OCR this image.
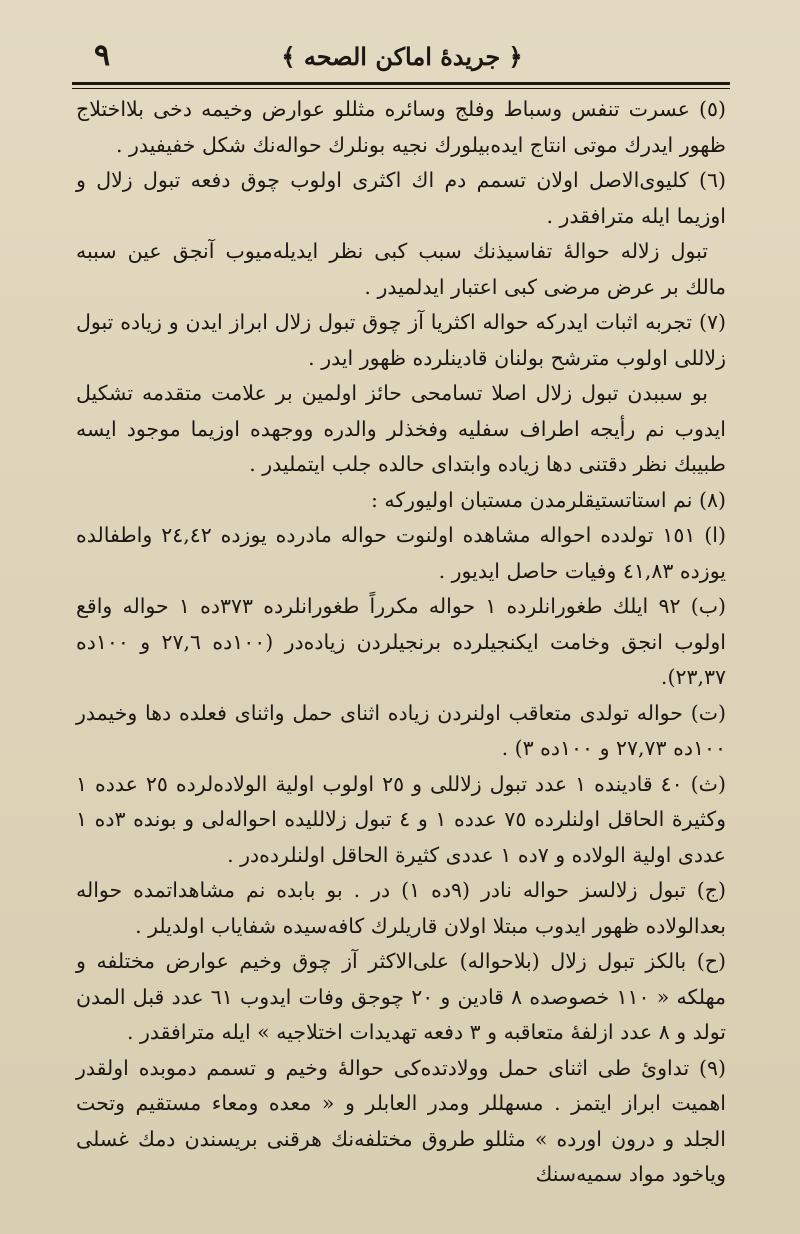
٩	﴿ جريدهٔ اماكن الصحه ﴾

(٥) عسرت تنفس وسباط وفلج وسائره مثللو عوارض وخيمه دخى بلااختلاج ظهور ايدرك موتى انتاج ايده‌بيلورك نجيه بونلرك حواله‌نك شكل خفيفيدر .

(٦) كليوى‌الاصل اولان تسمم دم اك اكثرى اولوب چوق دفعه تبول زلال و اوزيما ايله مترافقدر .

تبول زلاله حوالهٔ تفاسيذنك سبب كبى نظر ايديله‌ميوب آنجق عين سببه مالك بر عرض مرضى كبى اعتبار ايدلميدر .

(٧) تجربه اثبات ايدركه حواله اكثريا آز چوق تبول زلال ابراز ايدن و زياده تبول زلاللى اولوب مترشح بولنان قادينلرده ظهور ايدر .

بو سببدن تبول زلال اصلا تسامحى حائز اولمين بر علامت متقدمه تشكيل ايدوب نم رأيجه اطراف سفليه وفخذلر والدره ووجهده اوزيما موجود ايسه طبيبك نظر دقتنى دها زياده وابتداى حالده جلب ايتمليدر .

(٨) نم استاتستيقلرمدن مستبان اوليوركه :

(ا) ١٥١ تولدده احواله مشاهده اولنوت حواله مادرده يوزده ٢٤,٤٢ واطفالده يوزده ٤١,٨٣ وفيات حاصل ايديور .

(ب) ٩٢ ايلك طغورانلرده ١ حواله مكرراً طغورانلرده ٣٧٣‌ده ١ حواله واقع اولوب انجق وخامت ايكنجيلرده برنجيلردن زياده‌در (١٠٠‌ده ٢٧,٦ و ١٠٠‌ده ٢٣,٣٧).

(ت) حواله تولدى متعاقب اولنردن زياده اثناى حمل واثناى فعلده دها وخيمدر ١٠٠‌ده ٢٧,٧٣ و ١٠٠‌ده ٣) .

(ث) ٤٠ قادينده ١ عدد تبول زلاللى و ٢٥ اولوب اولية الولاده‌لرده ٢٥ عدده ١ وكثيرة الحاقل اولنلرده ٧٥ عدده ١ و ٤ تبول زلالليده احواله‌لى و بونده ٣‌ده ١ عددى اولية الولاده و ٧‌ده ١ عددى كثيرة الحاقل اولنلرده‌در .

(ج) تبول زلالسز حواله نادر (٩‌ده ١) در . بو بابده نم مشاهداتمده حواله بعدالولاده ظهور ايدوب مبتلا اولان قاريلرك كافه‌سيده شفاياب اولديلر .

(ح) بالكز تبول زلال (بلاحواله) على‌الاكثر آز چوق وخيم عوارض مختلفه و مهلكه « ١١٠ خصوصده ٨ قادين و ٢٠ چوجق وفات ايدوب ٦١ عدد قبل المدن تولد و ٨ عدد ازلفهٔ متعاقبه و ٣ دفعه تهديدات اختلاجيه » ايله مترافقدر .

(٩) تداوئ طى اثناى حمل وولادتده‌كى حوالهٔ وخيم و تسمم دموبده اولقدر اهميت ابراز ايتمز . مسهللر ومدر العابلر و « معده ومعاء مستقيم وتحت الجلد و درون اورده » مثللو طروق مختلفه‌نك هرقنى بريسندن دمك غسلى وياخود مواد سميه‌سنك
